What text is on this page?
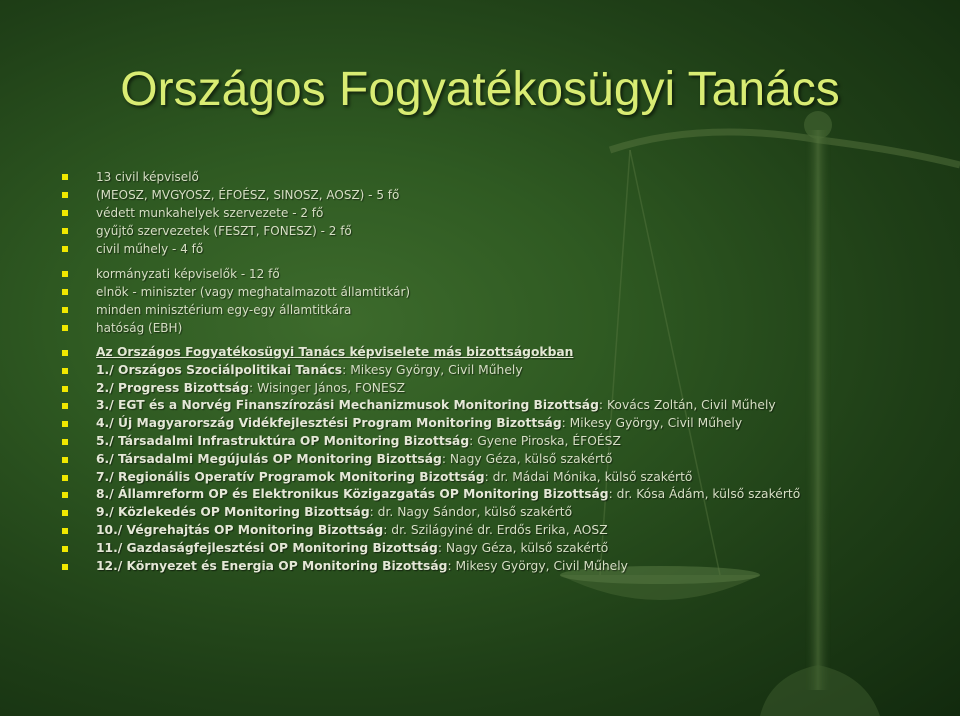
Országos Fogyatékosügyi Tanács
13 civil képviselő
(MEOSZ, MVGYOSZ, ÉFOÉSZ, SINOSZ, AOSZ) - 5 fő
védett munkahelyek szervezete - 2 fő
gyűjtő szervezetek (FESZT, FONESZ) - 2 fő
civil műhely - 4 fő
kormányzati képviselők - 12 fő
elnök - miniszter (vagy meghatalmazott államtitkár)
minden minisztérium egy-egy államtitkára
hatóság (EBH)
Az Országos Fogyatékosügyi Tanács képviselete más bizottságokban
1./ Országos Szociálpolitikai Tanács: Mikesy György, Civil Műhely
2./ Progress Bizottság: Wisinger János, FONESZ
3./ EGT és a Norvég Finanszírozási Mechanizmusok Monitoring Bizottság: Kovács Zoltán, Civil Műhely
4./ Új Magyarország Vidékfejlesztési Program Monitoring Bizottság: Mikesy György, Civil Műhely
5./ Társadalmi Infrastruktúra OP Monitoring Bizottság: Gyene Piroska, ÉFOÉSZ
6./ Társadalmi Megújulás OP Monitoring Bizottság: Nagy Géza, külső szakértő
7./ Regionális Operatív Programok Monitoring Bizottság: dr. Mádai Mónika, külső szakértő
8./ Államreform OP és Elektronikus Közigazgatás OP Monitoring Bizottság: dr. Kósa Ádám, külső szakértő
9./ Közlekedés OP Monitoring Bizottság: dr. Nagy Sándor, külső szakértő
10./ Végrehajtás OP Monitoring Bizottság: dr. Szilágyiné dr. Erdős Erika, AOSZ
11./ Gazdaságfejlesztési OP Monitoring Bizottság: Nagy Géza, külső szakértő
12./ Környezet és Energia OP Monitoring Bizottság: Mikesy György, Civil Műhely
